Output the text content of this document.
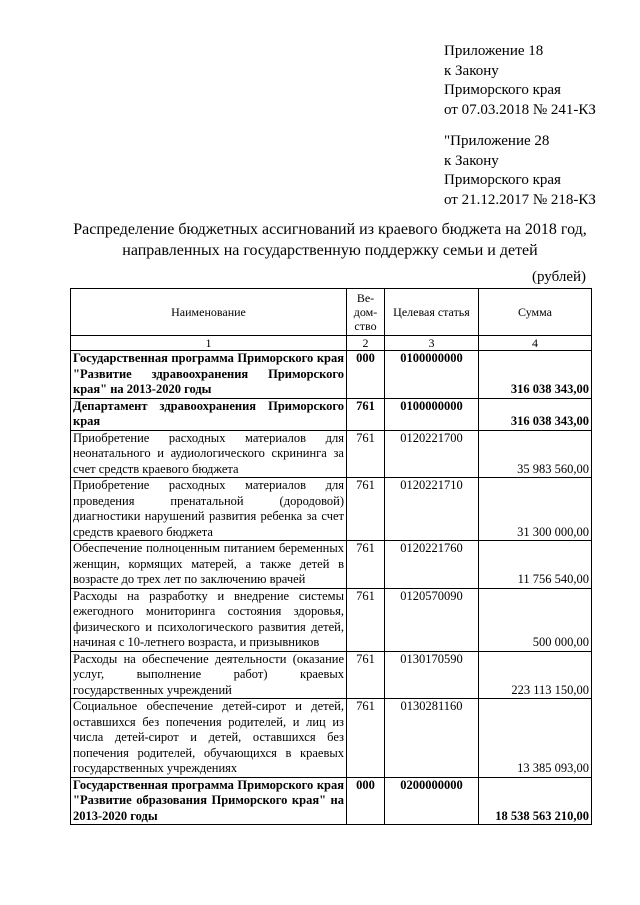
Приложение 18
к Закону
Приморского края
от 07.03.2018 № 241-КЗ
"Приложение 28
к Закону
Приморского края
от 21.12.2017 № 218-КЗ
Распределение бюджетных ассигнований из краевого бюджета на 2018 год,
направленных на государственную поддержку семьи и детей
(рублей)
Наименование	Ве-дом-ство	Целевая статья	Сумма
1	2	3	4
Государственная программа Приморского края "Развитие здравоохранения Приморского края" на 2013-2020 годы	000	0100000000	316 038 343,00
Департамент здравоохранения Приморского края	761	0100000000	316 038 343,00
Приобретение расходных материалов для неонатального и аудиологического скрининга за счет средств краевого бюджета	761	0120221700	35 983 560,00
Приобретение расходных материалов для проведения пренатальной (дородовой) диагностики нарушений развития ребенка за счет средств краевого бюджета	761	0120221710	31 300 000,00
Обеспечение полноценным питанием беременных женщин, кормящих матерей, а также детей в возрасте до трех лет по заключению врачей	761	0120221760	11 756 540,00
Расходы на разработку и внедрение системы ежегодного мониторинга состояния здоровья, физического и психологического развития детей, начиная с 10-летнего возраста, и призывников	761	0120570090	500 000,00
Расходы на обеспечение деятельности (оказание услуг, выполнение работ) краевых государственных учреждений	761	0130170590	223 113 150,00
Социальное обеспечение детей-сирот и детей, оставшихся без попечения родителей, и лиц из числа детей-сирот и детей, оставшихся без попечения родителей, обучающихся в краевых государственных учреждениях	761	0130281160	13 385 093,00
Государственная программа Приморского края "Развитие образования Приморского края" на 2013-2020 годы	000	0200000000	18 538 563 210,00
